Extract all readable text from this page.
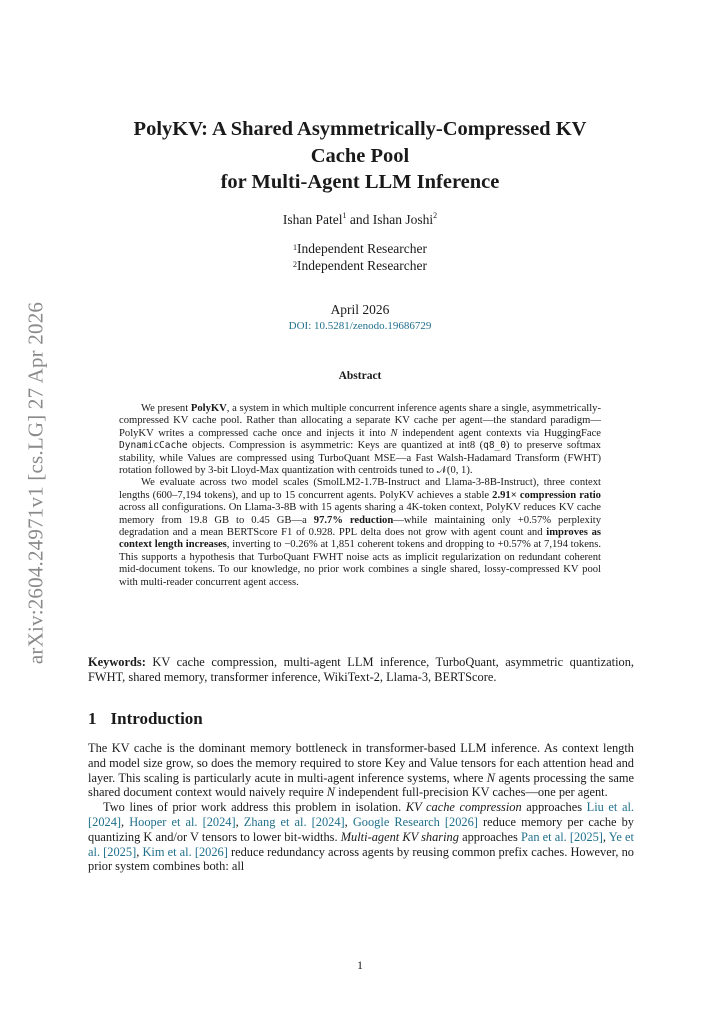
arXiv:2604.24971v1 [cs.LG] 27 Apr 2026
PolyKV: A Shared Asymmetrically-Compressed KV
Cache Pool
for Multi-Agent LLM Inference
Ishan Patel$^1$ and Ishan Joshi$^2$
$^1$Independent Researcher
$^2$Independent Researcher
April 2026
DOI: 10.5281/zenodo.19686729
Abstract

We present PolyKV, a system in which multiple concurrent inference agents share a single, asymmetrically-compressed KV cache pool. Rather than allocating a separate KV cache per agent—the standard paradigm—PolyKV writes a compressed cache once and injects it into N independent agent contexts via HuggingFace DynamicCache objects. Compression is asymmetric: Keys are quantized at int8 (q8_0) to preserve softmax stability, while Values are compressed using TurboQuant MSE—a Fast Walsh-Hadamard Transform (FWHT) rotation followed by 3-bit Lloyd-Max quantization with centroids tuned to 𝒩(0, 1).

We evaluate across two model scales (SmolLM2-1.7B-Instruct and Llama-3-8B-Instruct), three context lengths (600–7,194 tokens), and up to 15 concurrent agents. PolyKV achieves a stable 2.91× compression ratio across all configurations. On Llama-3-8B with 15 agents sharing a 4K-token context, PolyKV reduces KV cache memory from 19.8 GB to 0.45 GB—a 97.7% reduction—while maintaining only +0.57% perplexity degradation and a mean BERTScore F1 of 0.928. PPL delta does not grow with agent count and improves as context length increases, inverting to −0.26% at 1,851 coherent tokens and dropping to +0.57% at 7,194 tokens. This supports a hypothesis that TurboQuant FWHT noise acts as implicit regularization on redundant coherent mid-document tokens. To our knowledge, no prior work combines a single shared, lossy-compressed KV pool with multi-reader concurrent agent access.

Keywords: KV cache compression, multi-agent LLM inference, TurboQuant, asymmetric quantization, FWHT, shared memory, transformer inference, WikiText-2, Llama-3, BERTScore.
1 Introduction

The KV cache is the dominant memory bottleneck in transformer-based LLM inference. As context length and model size grow, so does the memory required to store Key and Value tensors for each attention head and layer. This scaling is particularly acute in multi-agent inference systems, where N agents processing the same shared document context would naively require N independent full-precision KV caches—one per agent.

Two lines of prior work address this problem in isolation. KV cache compression approaches Liu et al. [2024], Hooper et al. [2024], Zhang et al. [2024], Google Research [2026] reduce memory per cache by quantizing K and/or V tensors to lower bit-widths. Multi-agent KV sharing approaches Pan et al. [2025], Ye et al. [2025], Kim et al. [2026] reduce redundancy across agents by reusing common prefix caches. However, no prior system combines both: all

1
